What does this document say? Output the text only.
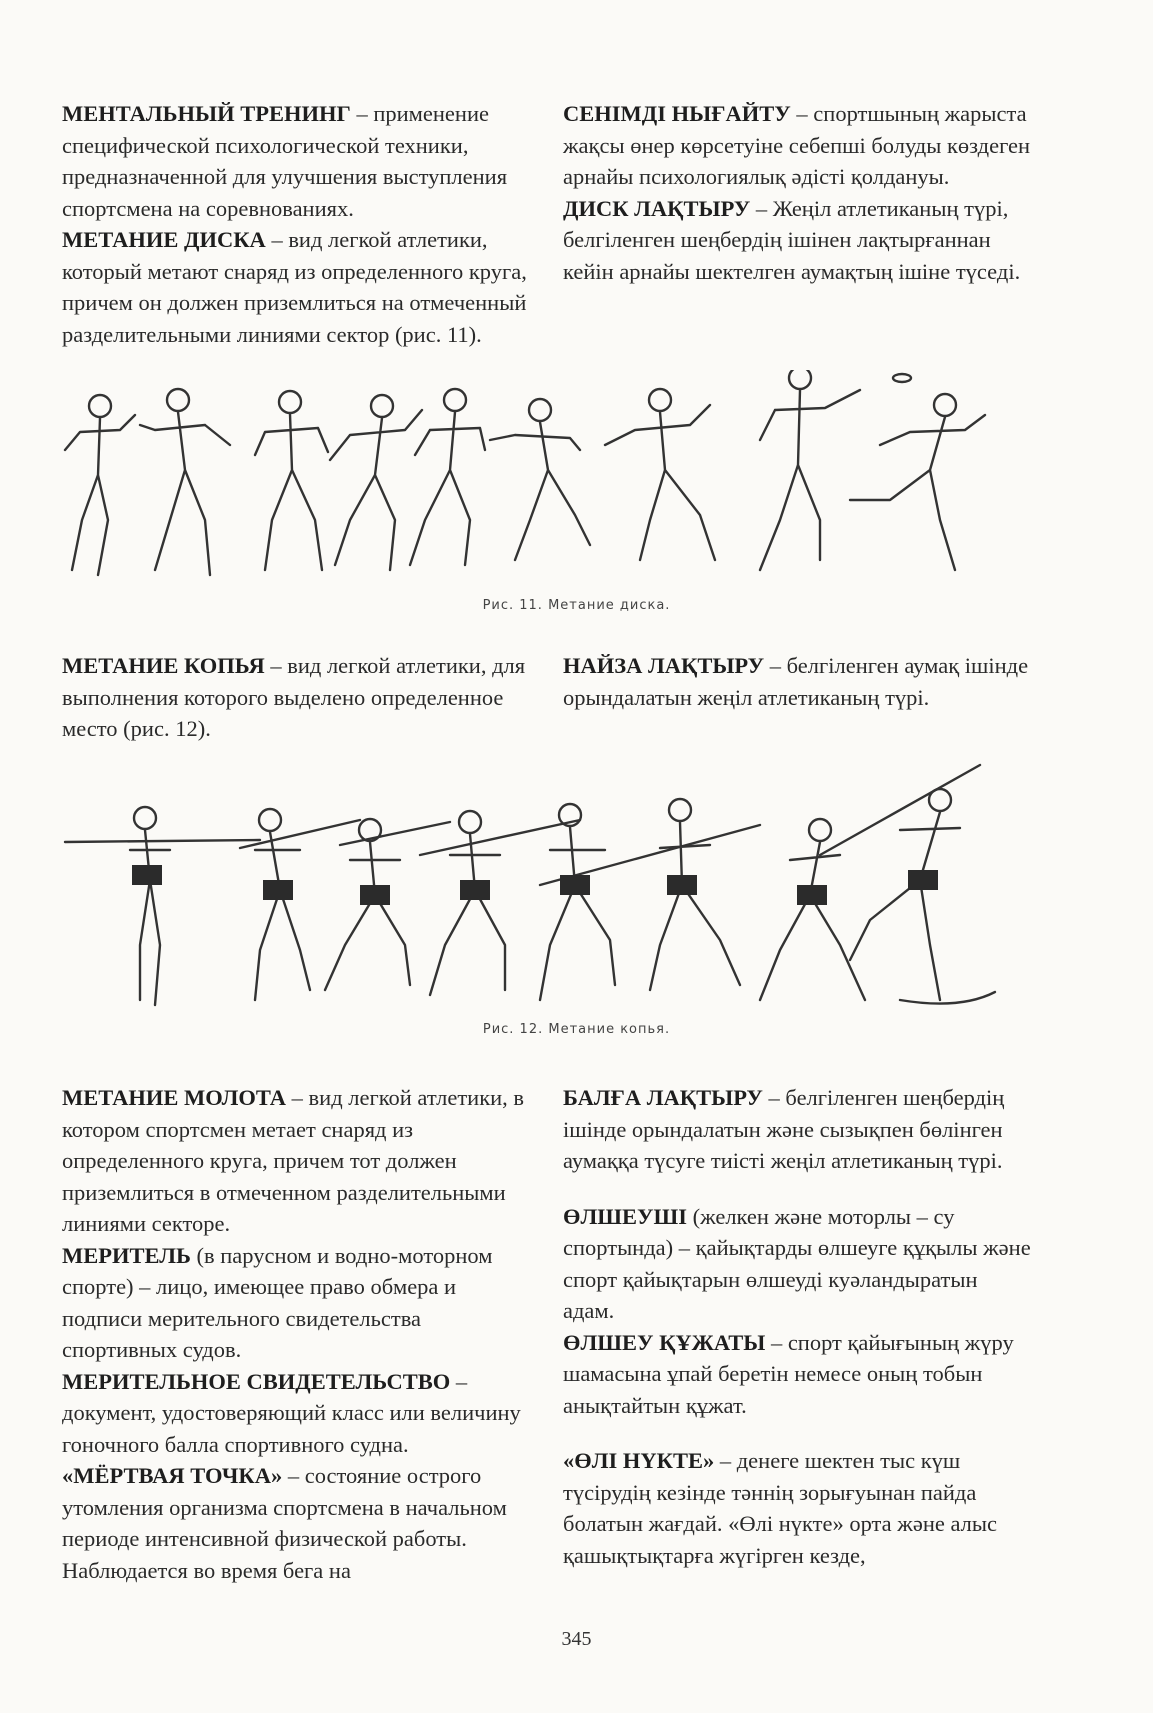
МЕНТАЛЬНЫЙ ТРЕНИНГ – применение специфической психологической техники, предназначенной для улучшения выступления спортсмена на соревнованиях.

МЕТАНИЕ ДИСКА – вид легкой атлетики, который метают снаряд из определенного круга, причем он должен приземлиться на отмеченный разделительными линиями сектор (рис. 11).

СЕНІМДІ НЫҒАЙТУ – спортшының жарыста жақсы өнер көрсетуіне себепші болуды көздеген арнайы психологиялық әдісті қолдануы.

ДИСК ЛАҚТЫРУ – Жеңіл атлетиканың түрі, белгіленген шеңбердің ішінен лақтырғаннан кейін арнайы шектелген аумақтың ішіне түседі.

Рис. 11. Метание диска.

МЕТАНИЕ КОПЬЯ – вид легкой атлетики, для выполнения которого выделено определенное место (рис. 12).

НАЙЗА ЛАҚТЫРУ – белгіленген аумақ ішінде орындалатын жеңіл атлетиканың түрі.

Рис. 12. Метание копья.

МЕТАНИЕ МОЛОТА – вид легкой атлетики, в котором спортсмен метает снаряд из определенного круга, причем тот должен приземлиться в отмеченном разделительными линиями секторе.

МЕРИТЕЛЬ (в парусном и водно-моторном спорте) – лицо, имеющее право обмера и подписи мерительного свидетельства спортивных судов.

МЕРИТЕЛЬНОЕ СВИДЕТЕЛЬСТВО – документ, удостоверяющий класс или величину гоночного балла спортивного судна.

«МЁРТВАЯ ТОЧКА» – состояние острого утомления организма спортсмена в начальном периоде интенсивной физической работы. Наблюдается во время бега на

БАЛҒА ЛАҚТЫРУ – белгіленген шеңбердің ішінде орындалатын және сызықпен бөлінген аумаққа түсуге тиісті жеңіл атлетиканың түрі.

ӨЛШЕУШІ (желкен және моторлы – су спортында) – қайықтарды өлшеуге құқылы және спорт қайықтарын өлшеуді куәландыратын адам.

ӨЛШЕУ ҚҰЖАТЫ – спорт қайығының жүру шамасына ұпай беретін немесе оның тобын анықтайтын құжат.

«ӨЛІ НҮКТЕ» – денеге шектен тыс күш түсірудің кезінде тәннің зорығуынан пайда болатын жағдай. «Өлі нүкте» орта және алыс қашықтықтарға жүгірген кезде,

345
